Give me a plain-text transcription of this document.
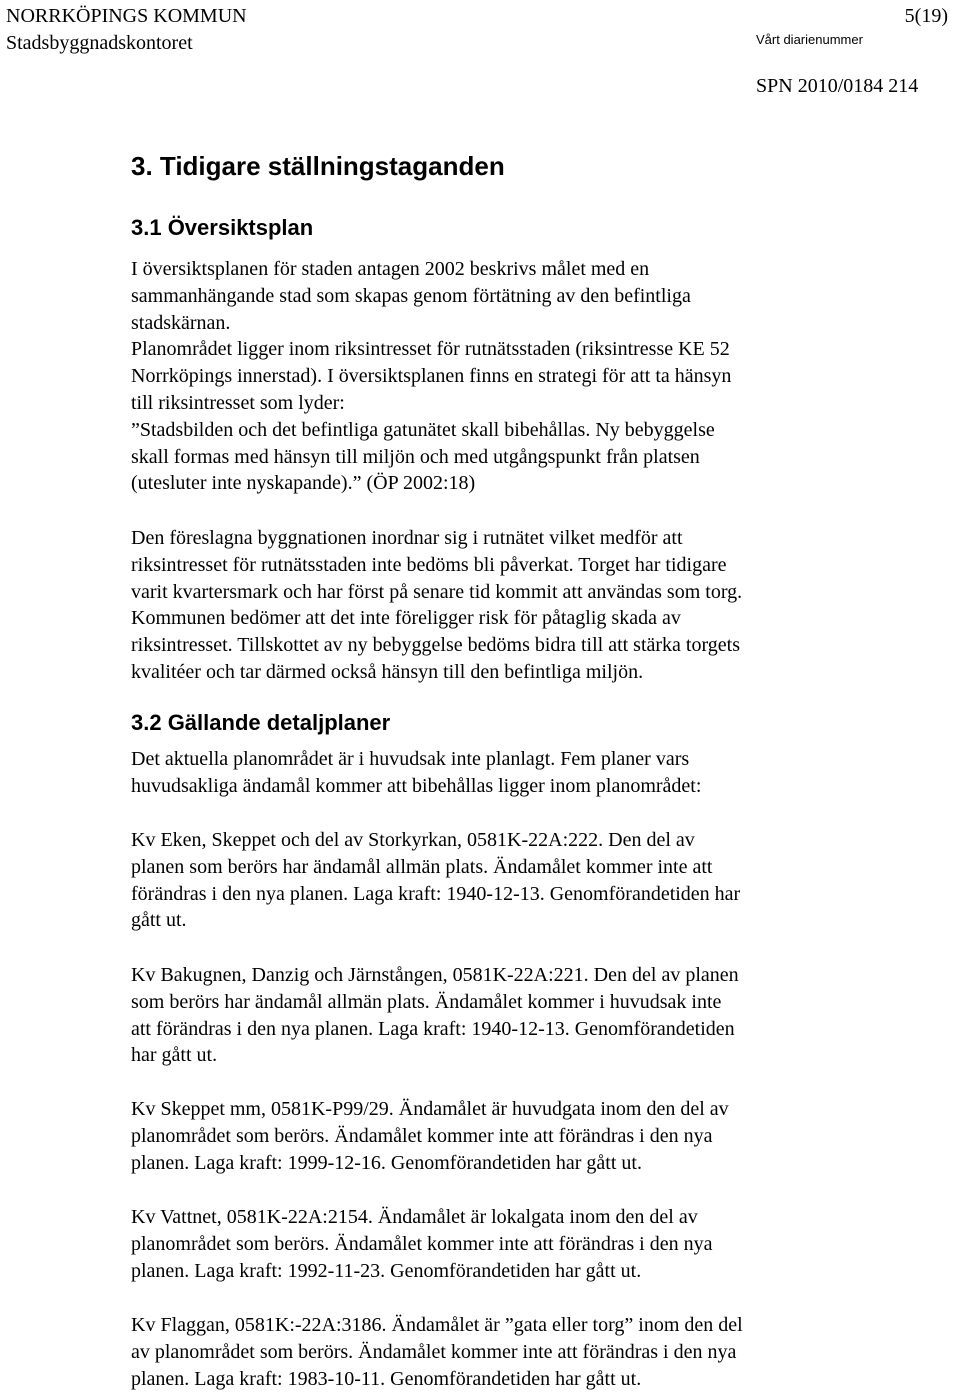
NORRKÖPINGS KOMMUN	5(19)
Stadsbyggnadskontoret	Vårt diarienummer
SPN 2010/0184 214
3. Tidigare ställningstaganden
3.1 Översiktsplan
I översiktsplanen för staden antagen 2002 beskrivs målet med en
sammanhängande stad som skapas genom förtätning av den befintliga
stadskärnan.
Planområdet ligger inom riksintresset för rutnätsstaden (riksintresse KE 52
Norrköpings innerstad). I översiktsplanen finns en strategi för att ta hänsyn
till riksintresset som lyder:
”Stadsbilden och det befintliga gatunätet skall bibehållas. Ny bebyggelse
skall formas med hänsyn till miljön och med utgångspunkt från platsen
(utesluter inte nyskapande).” (ÖP 2002:18)
Den föreslagna byggnationen inordnar sig i rutnätet vilket medför att
riksintresset för rutnätsstaden inte bedöms bli påverkat. Torget har tidigare
varit kvartersmark och har först på senare tid kommit att användas som torg.
Kommunen bedömer att det inte föreligger risk för påtaglig skada av
riksintresset. Tillskottet av ny bebyggelse bedöms bidra till att stärka torgets
kvalitéer och tar därmed också hänsyn till den befintliga miljön.
3.2 Gällande detaljplaner
Det aktuella planområdet är i huvudsak inte planlagt. Fem planer vars
huvudsakliga ändamål kommer att bibehållas ligger inom planområdet:
Kv Eken, Skeppet och del av Storkyrkan, 0581K-22A:222. Den del av
planen som berörs har ändamål allmän plats. Ändamålet kommer inte att
förändras i den nya planen. Laga kraft: 1940-12-13. Genomförandetiden har
gått ut.
Kv Bakugnen, Danzig och Järnstången, 0581K-22A:221. Den del av planen
som berörs har ändamål allmän plats. Ändamålet kommer i huvudsak inte
att förändras i den nya planen. Laga kraft: 1940-12-13. Genomförandetiden
har gått ut.
Kv Skeppet mm, 0581K-P99/29. Ändamålet är huvudgata inom den del av
planområdet som berörs. Ändamålet kommer inte att förändras i den nya
planen. Laga kraft: 1999-12-16. Genomförandetiden har gått ut.
Kv Vattnet, 0581K-22A:2154. Ändamålet är lokalgata inom den del av
planområdet som berörs. Ändamålet kommer inte att förändras i den nya
planen. Laga kraft: 1992-11-23. Genomförandetiden har gått ut.
Kv Flaggan, 0581K:-22A:3186. Ändamålet är ”gata eller torg” inom den del
av planområdet som berörs. Ändamålet kommer inte att förändras i den nya
planen. Laga kraft: 1983-10-11. Genomförandetiden har gått ut.
